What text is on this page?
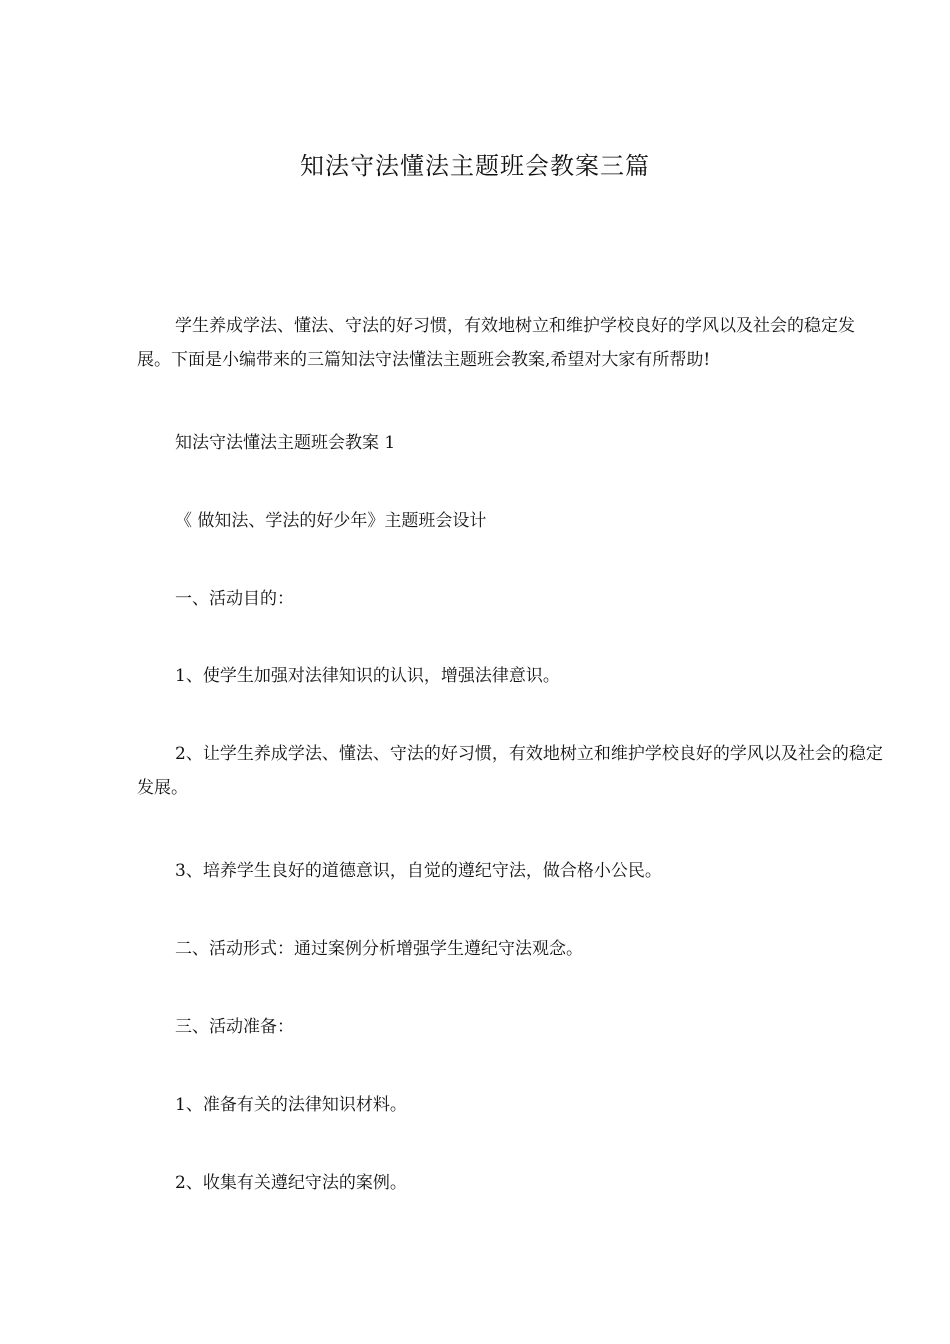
知法守法懂法主题班会教案三篇

学生养成学法、懂法、守法的好习惯，有效地树立和维护学校良好的学风以及社会的稳定发展。下面是小编带来的三篇知法守法懂法主题班会教案,希望对大家有所帮助!

知法守法懂法主题班会教案 1

《 做知法、学法的好少年》主题班会设计

一、活动目的：

1、使学生加强对法律知识的认识，增强法律意识。

2、让学生养成学法、懂法、守法的好习惯，有效地树立和维护学校良好的学风以及社会的稳定发展。

3、培养学生良好的道德意识，自觉的遵纪守法，做合格小公民。

二、活动形式：通过案例分析增强学生遵纪守法观念。

三、活动准备：

1、准备有关的法律知识材料。

2、收集有关遵纪守法的案例。
